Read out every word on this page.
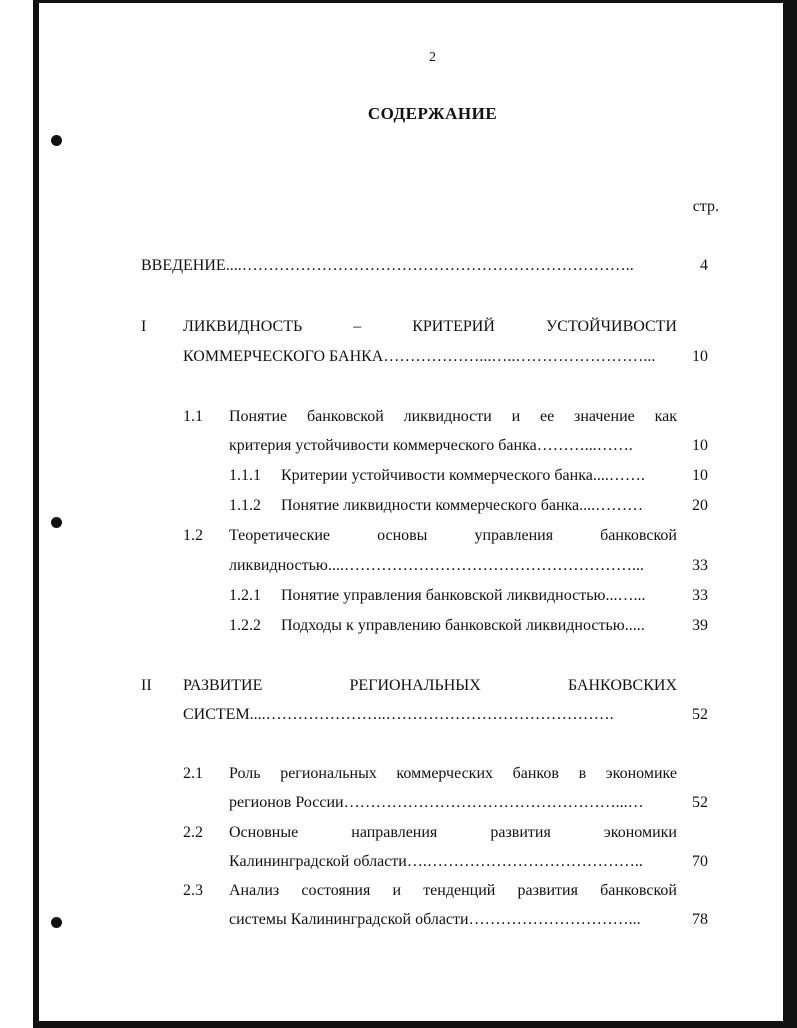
2
СОДЕРЖАНИЕ
стр.
ВВЕДЕНИЕ....………………………………………………………………..	4
I ЛИКВИДНОСТЬ	–	КРИТЕРИЙ	УСТОЙЧИВОСТИ
КОММЕРЧЕСКОГО БАНКА………………...…..……………………... 10
1.1 Понятие банковской ликвидности и ее значение как
критерия устойчивости коммерческого банка………...…….	10
1.1.1 Критерии устойчивости коммерческого банка....…….	10
1.1.2 Понятие ликвидности коммерческого банка....………	20
1.2 Теоретические	основы	управления	банковской
ликвидностью....………………………………………………...	33
1.2.1 Понятие управления банковской ликвидностью...…...	33
1.2.2 Подходы к управлению банковской ликвидностью.....	39
II РАЗВИТИЕ	РЕГИОНАЛЬНЫХ	БАНКОВСКИХ
СИСТЕМ....…………………..…………………………………….	52
2.1 Роль региональных коммерческих банков в экономике
регионов России……………………………………………...…	52
2.2 Основные	направления	развития	экономики
Калининградской области….…………………………………..	70
2.3 Анализ состояния и тенденций развития банковской
системы Калининградской области…………………………...	78
